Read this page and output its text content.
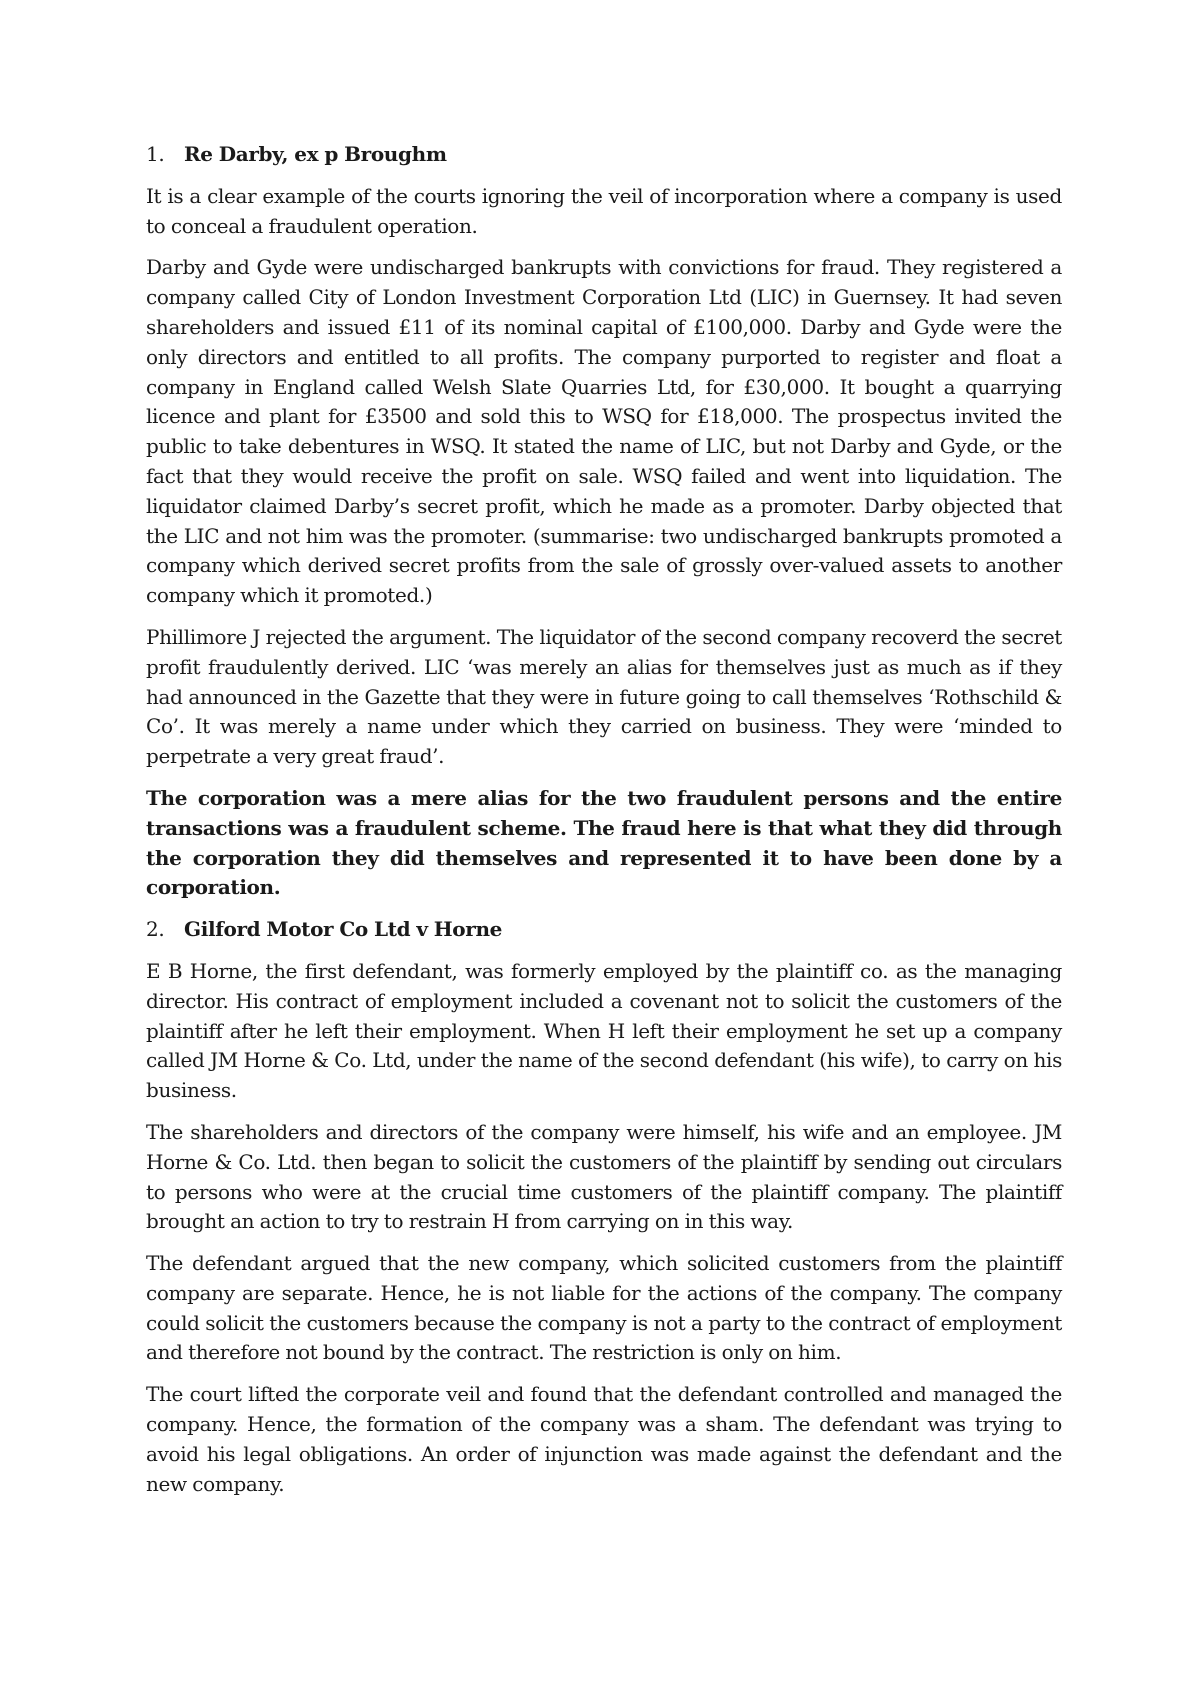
1. Re Darby, ex p Broughm

It is a clear example of the courts ignoring the veil of incorporation where a company is used to conceal a fraudulent operation.

Darby and Gyde were undischarged bankrupts with convictions for fraud. They registered a company called City of London Investment Corporation Ltd (LIC) in Guernsey. It had seven shareholders and issued £11 of its nominal capital of £100,000. Darby and Gyde were the only directors and entitled to all profits. The company purported to register and float a company in England called Welsh Slate Quarries Ltd, for £30,000. It bought a quarrying licence and plant for £3500 and sold this to WSQ for £18,000. The prospectus invited the public to take debentures in WSQ. It stated the name of LIC, but not Darby and Gyde, or the fact that they would receive the profit on sale. WSQ failed and went into liquidation. The liquidator claimed Darby’s secret profit, which he made as a promoter. Darby objected that the LIC and not him was the promoter. (summarise: two undischarged bankrupts promoted a company which derived secret profits from the sale of grossly over-valued assets to another company which it promoted.)

Phillimore J rejected the argument. The liquidator of the second company recoverd the secret profit fraudulently derived. LIC ‘was merely an alias for themselves just as much as if they had announced in the Gazette that they were in future going to call themselves ‘Rothschild & Co’. It was merely a name under which they carried on business. They were ‘minded to perpetrate a very great fraud’.

The corporation was a mere alias for the two fraudulent persons and the entire transactions was a fraudulent scheme. The fraud here is that what they did through the corporation they did themselves and represented it to have been done by a corporation.

2. Gilford Motor Co Ltd v Horne

E B Horne, the first defendant, was formerly employed by the plaintiff co. as the managing director. His contract of employment included a covenant not to solicit the customers of the plaintiff after he left their employment. When H left their employment he set up a company called JM Horne & Co. Ltd, under the name of the second defendant (his wife), to carry on his business.

The shareholders and directors of the company were himself, his wife and an employee. JM Horne & Co. Ltd. then began to solicit the customers of the plaintiff by sending out circulars to persons who were at the crucial time customers of the plaintiff company. The plaintiff brought an action to try to restrain H from carrying on in this way.

The defendant argued that the new company, which solicited customers from the plaintiff company are separate. Hence, he is not liable for the actions of the company. The company could solicit the customers because the company is not a party to the contract of employment and therefore not bound by the contract. The restriction is only on him.

The court lifted the corporate veil and found that the defendant controlled and managed the company. Hence, the formation of the company was a sham. The defendant was trying to avoid his legal obligations. An order of injunction was made against the defendant and the new company.
